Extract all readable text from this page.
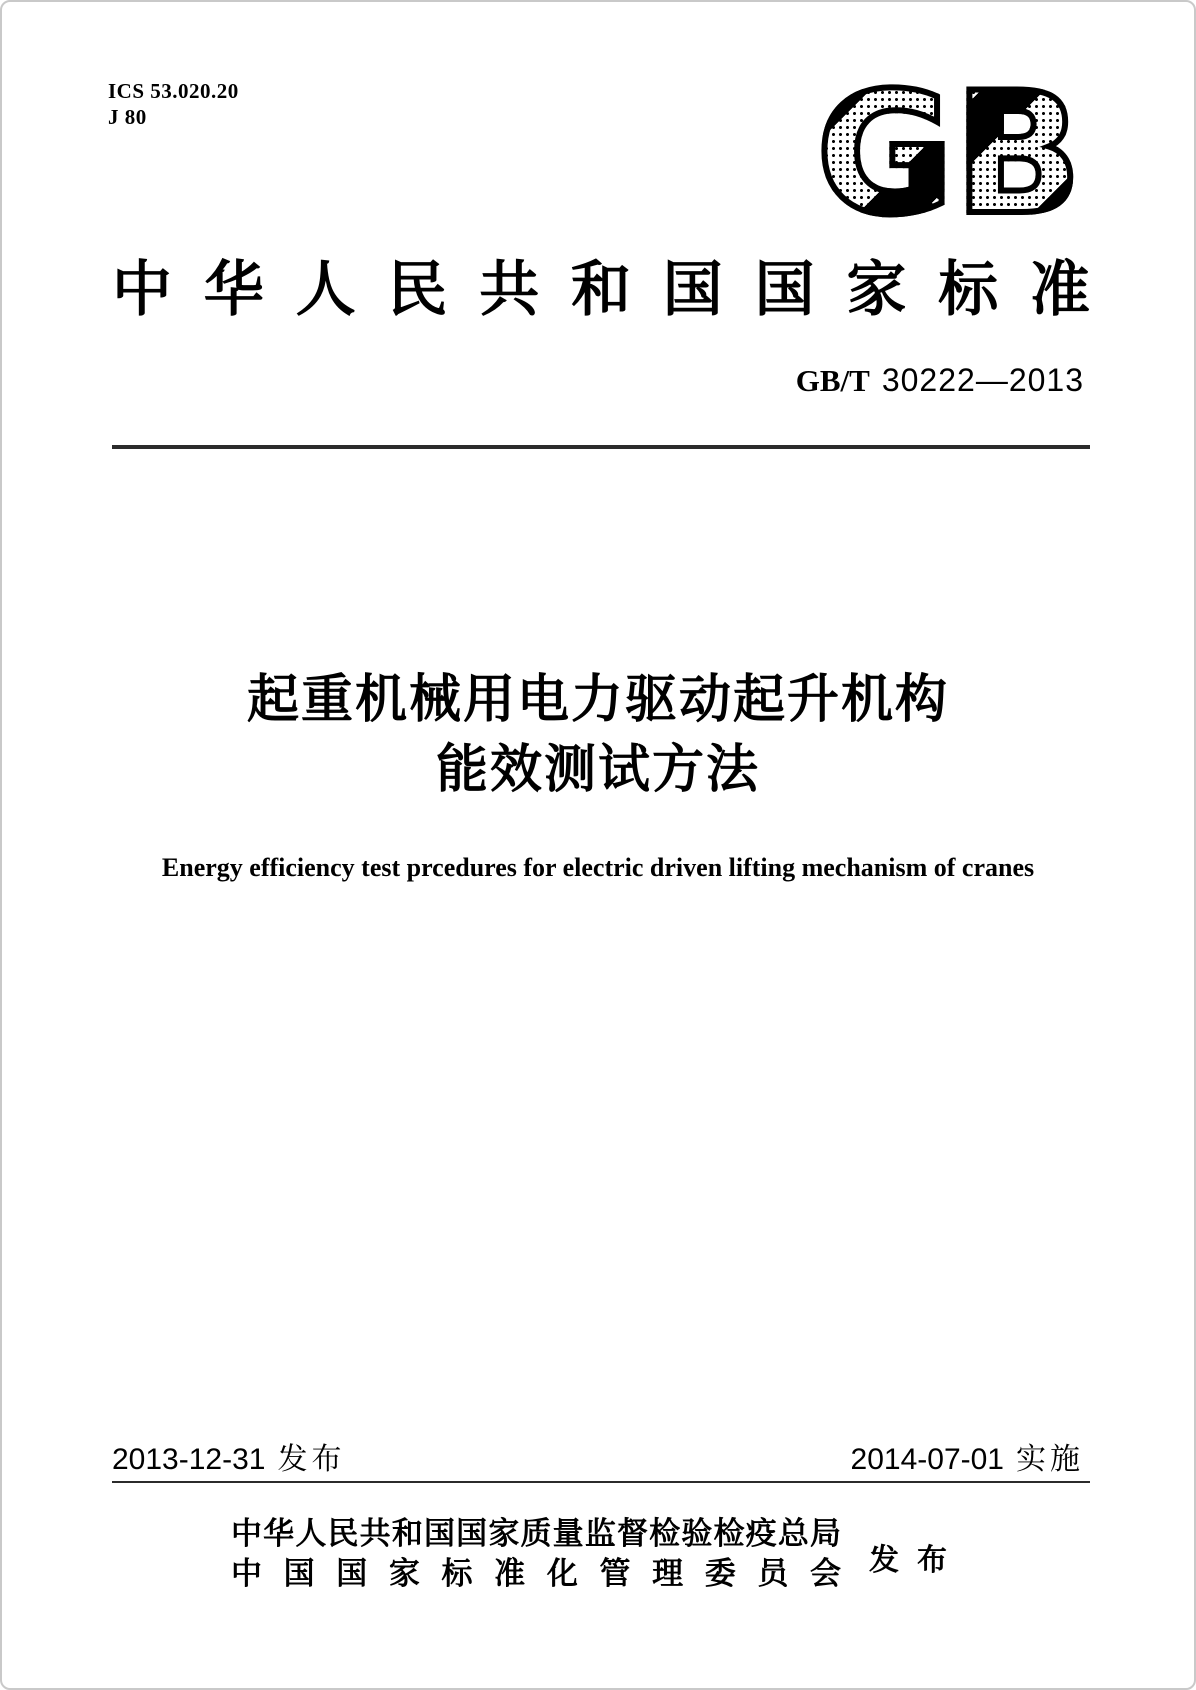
ICS 53.020.20
J 80	GB
中华人民共和国国家标准
GB/T 30222—2013
起重机械用电力驱动起升机构
能效测试方法
Energy efficiency test prcedures for electric driven lifting mechanism of cranes
2013-12-31 发布	2014-07-01 实施
中华人民共和国国家质量监督检验检疫总局
中国国家标准化管理委员会 发布
